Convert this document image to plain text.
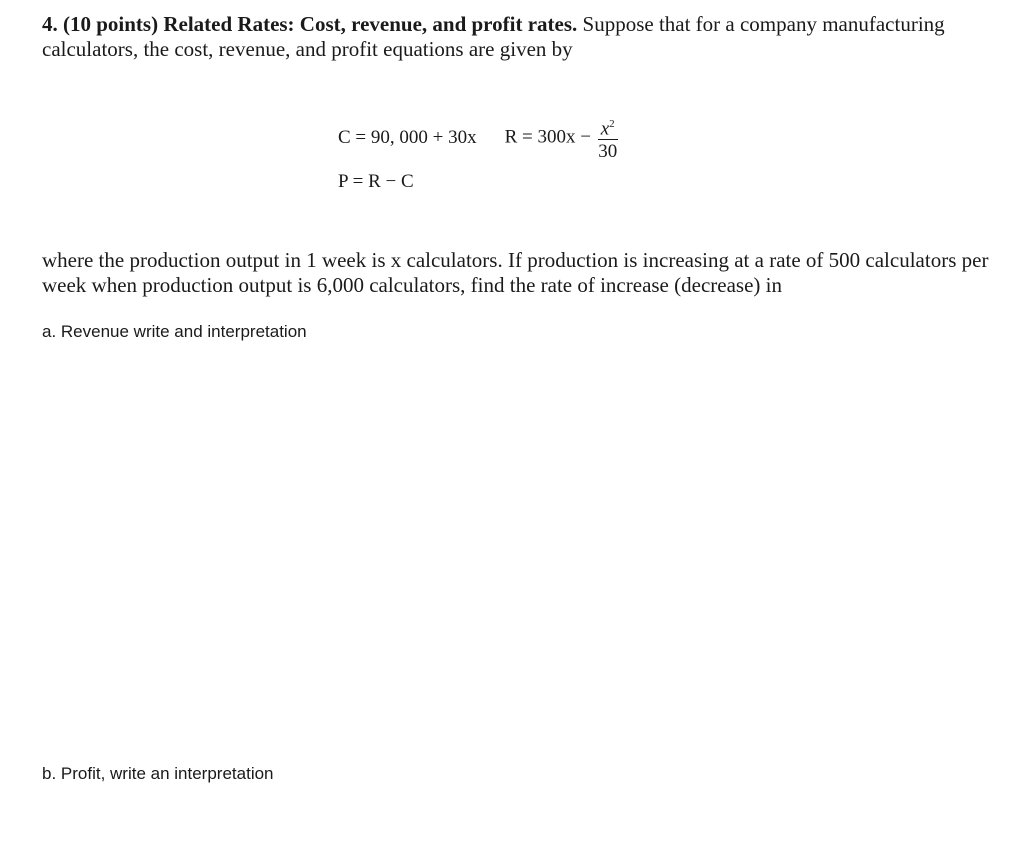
4. (10 points) Related Rates: Cost, revenue, and profit rates. Suppose that for a company manufacturing calculators, the cost, revenue, and profit equations are given by
C = 90, 000 + 30x $R = 300x - \frac{x^2}{30}$
P = R − C
where the production output in 1 week is x calculators. If production is increasing at a rate of 500 calculators per week when production output is 6,000 calculators, find the rate of increase (decrease) in
a. Revenue write and interpretation
b. Profit, write an interpretation
